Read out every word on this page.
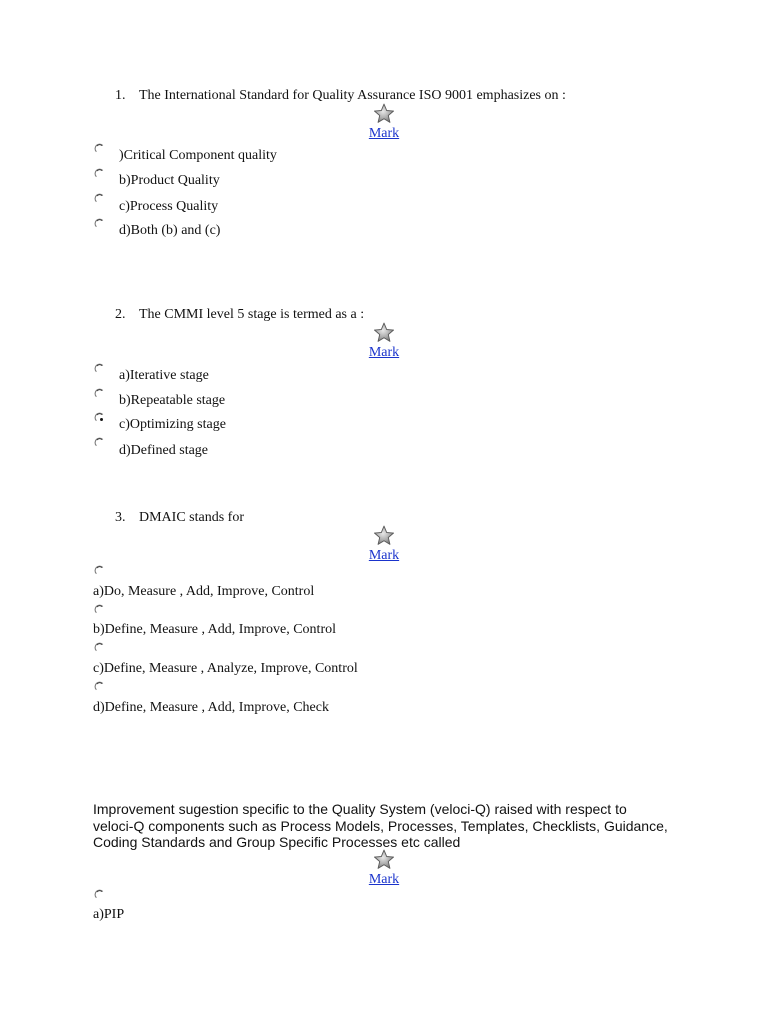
1. The International Standard for Quality Assurance ISO 9001 emphasizes on :
Mark
)Critical Component quality
b)Product Quality
c)Process Quality
d)Both (b) and (c)
2. The CMMI level 5 stage is termed as a :
Mark
a)Iterative stage
b)Repeatable stage
c)Optimizing stage
d)Defined stage
3. DMAIC stands for
Mark
a)Do, Measure , Add, Improve, Control
b)Define, Measure , Add, Improve, Control
c)Define, Measure , Analyze, Improve, Control
d)Define, Measure , Add, Improve, Check
Improvement sugestion specific to the Quality System (veloci-Q) raised with respect to
veloci-Q components such as Process Models, Processes, Templates, Checklists, Guidance,
Coding Standards and Group Specific Processes etc called
Mark
a)PIP
